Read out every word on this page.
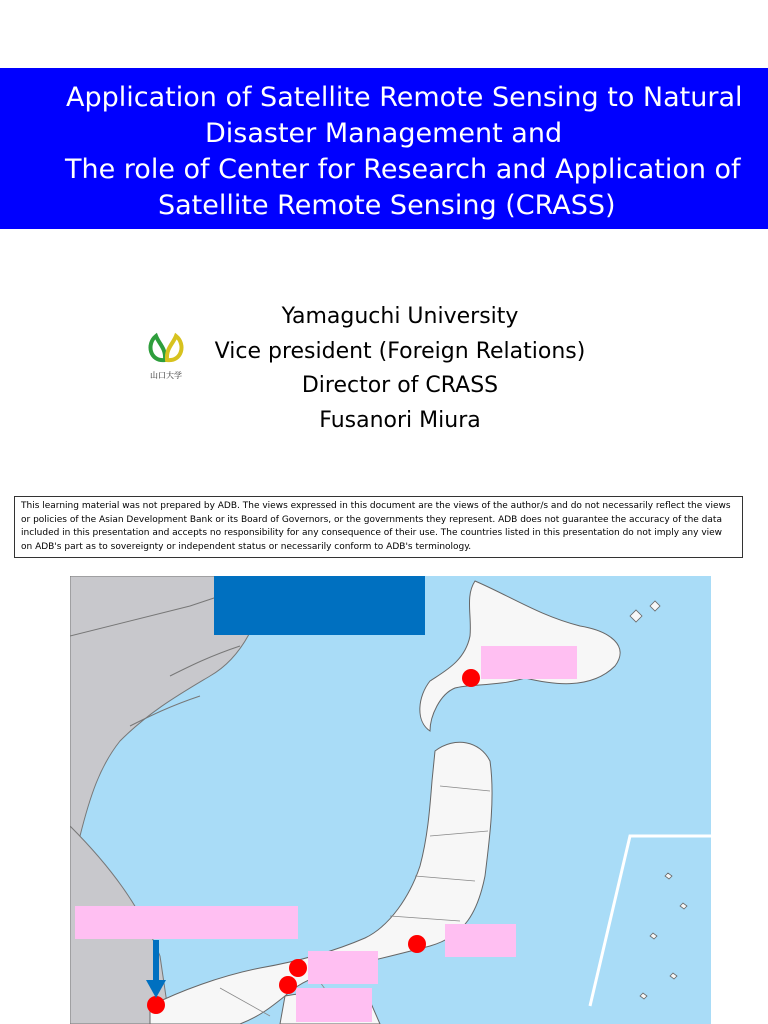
Application of Satellite Remote Sensing to Natural
Disaster Management and
The role of Center for Research and Application of
Satellite Remote Sensing (CRASS)
山口大学
Yamaguchi University
Vice president (Foreign Relations)
Director of CRASS
Fusanori Miura
This learning material was not prepared by ADB. The views expressed in this document are the views of the author/s and do not necessarily reflect the views or policies of the Asian Development Bank or its Board of Governors, or the governments they represent. ADB does not guarantee the accuracy of the data included in this presentation and accepts no responsibility for any consequence of their use. The countries listed in this presentation do not imply any view on ADB's part as to sovereignty or independent status or necessarily conform to ADB's terminology.
